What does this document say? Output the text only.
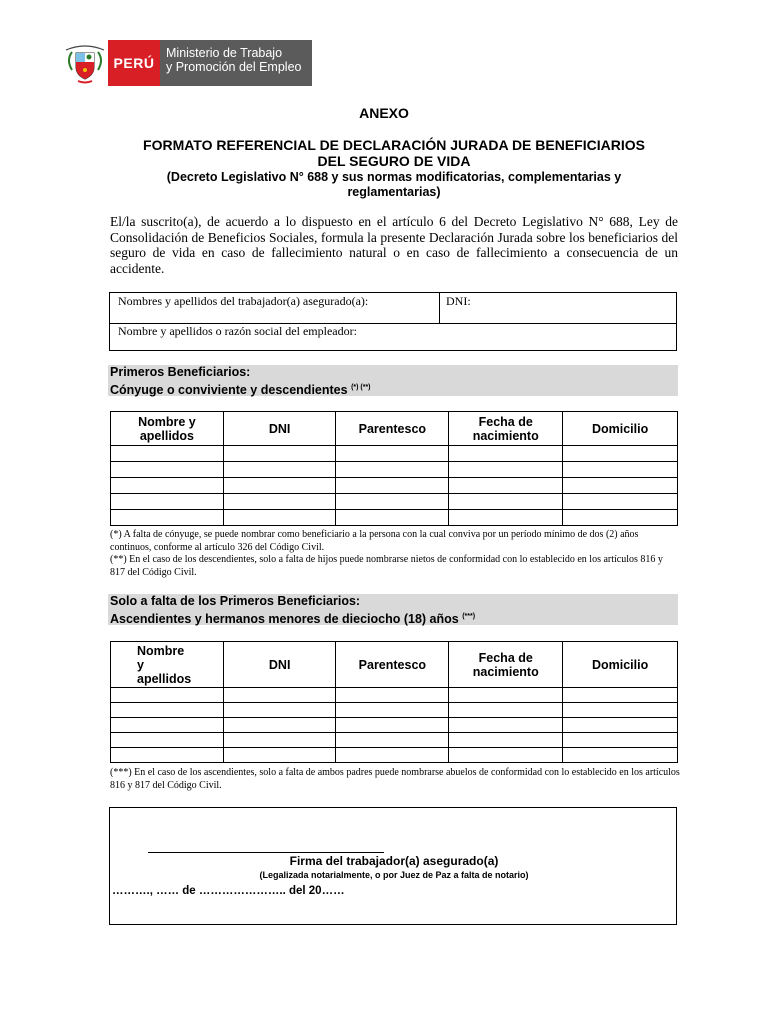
PERÚ
Ministerio de Trabajo
y Promoción del Empleo
ANEXO
FORMATO REFERENCIAL DE DECLARACIÓN JURADA DE BENEFICIARIOS
DEL SEGURO DE VIDA
(Decreto Legislativo N° 688 y sus normas modificatorias, complementarias y
reglamentarias)
El/la suscrito(a), de acuerdo a lo dispuesto en el artículo 6 del Decreto Legislativo N° 688, Ley de Consolidación de Beneficios Sociales, formula la presente Declaración Jurada sobre los beneficiarios del seguro de vida en caso de fallecimiento natural o en caso de fallecimiento a consecuencia de un accidente.
Nombres y apellidos del trabajador(a) asegurado(a):	DNI:
Nombre y apellidos o razón social del empleador:
Primeros Beneficiarios:
Cónyuge o conviviente y descendientes (*) (**)
Nombre y apellidos	DNI	Parentesco	Fecha de nacimiento	Domicilio

(*) A falta de cónyuge, se puede nombrar como beneficiario a la persona con la cual conviva por un período mínimo de dos (2) años continuos, conforme al artículo 326 del Código Civil.
(**) En el caso de los descendientes, solo a falta de hijos puede nombrarse nietos de conformidad con lo establecido en los artículos 816 y 817 del Código Civil.
Solo a falta de los Primeros Beneficiarios:
Ascendientes y hermanos menores de dieciocho (18) años (***)
Nombre
y
apellidos	DNI	Parentesco	Fecha de nacimiento	Domicilio

(***) En el caso de los ascendientes, solo a falta de ambos padres puede nombrarse abuelos de conformidad con lo establecido en los artículos 816 y 817 del Código Civil.
Firma del trabajador(a) asegurado(a)
(Legalizada notarialmente, o por Juez de Paz a falta de notario)
………., …… de ………………….. del 20……
